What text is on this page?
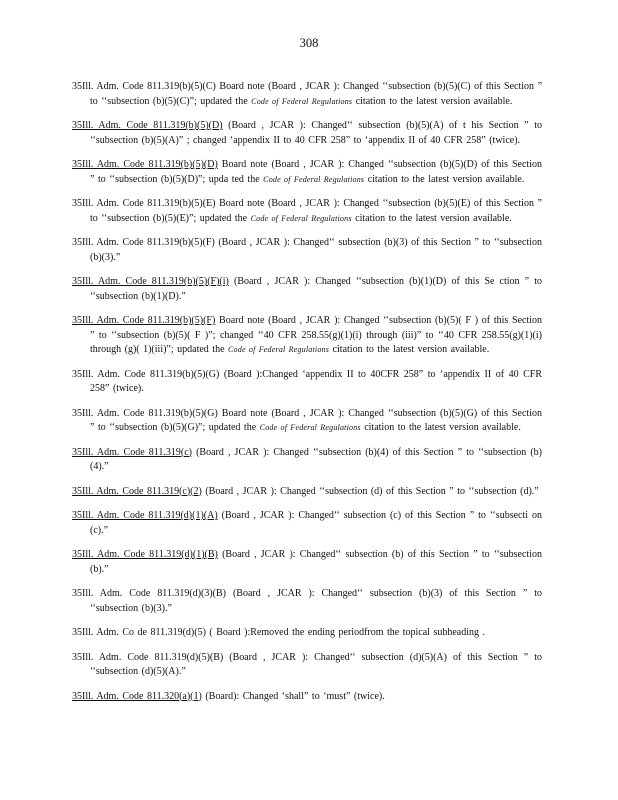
308

35Ill. Adm. Code 811.319(b)(5)(C) Board note (Board , JCAR ): Changed ‘‘subsection (b)(5)(C) of this Section ” to ‘‘subsection (b)(5)(C)”; updated the Code of Federal Regulations citation to the latest version available.

35Ill. Adm. Code 811.319(b)(5)(D) (Board , JCAR ): Changed‘‘ subsection (b)(5)(A) of t his Section ” to ‘‘subsection (b)(5)(A)” ; changed ‘appendix II to 40 CFR 258” to ‘appendix II of 40 CFR 258” (twice).

35Ill. Adm. Code 811.319(b)(5)(D) Board note (Board , JCAR ): Changed ‘‘subsection (b)(5)(D) of this Section ” to ‘‘subsection (b)(5)(D)”; upda ted the Code of Federal Regulations citation to the latest version available.

35Ill. Adm. Code 811.319(b)(5)(E) Board note (Board , JCAR ): Changed ‘‘subsection (b)(5)(E) of this Section ” to ‘‘subsection (b)(5)(E)”; updated the Code of Federal Regulations citation to the latest version available.

35Ill. Adm. Code 811.319(b)(5)(F) (Board , JCAR ): Changed‘‘ subsection (b)(3) of this Section ” to ‘‘subsection (b)(3).”

35Ill. Adm. Code 811.319(b)(5)(F)(i) (Board , JCAR ): Changed ‘‘subsection (b)(1)(D) of this Se ction ” to ‘‘subsection (b)(1)(D).”

35Ill. Adm. Code 811.319(b)(5)(F) Board note (Board , JCAR ): Changed ‘‘subsection (b)(5)( F ) of this Section ” to ‘‘subsection (b)(5)( F )”; changed ‘‘40 CFR 258.55(g)(1)(i) through (iii)” to ‘‘40 CFR 258.55(g)(1)(i) through (g)( 1)(iii)”; updated the Code of Federal Regulations citation to the latest version available.

35Ill. Adm. Code 811.319(b)(5)(G) (Board ):Changed ‘appendix II to 40CFR 258” to ‘appendix II of 40 CFR 258” (twice).

35Ill. Adm. Code 811.319(b)(5)(G) Board note (Board , JCAR ): Changed ‘‘subsection (b)(5)(G) of this Section ” to ‘‘subsection (b)(5)(G)”; updated the Code of Federal Regulations citation to the latest version available.

35Ill. Adm. Code 811.319(c) (Board , JCAR ): Changed ‘‘subsection (b)(4) of this Section ” to ‘‘subsection (b)(4).”

35Ill. Adm. Code 811.319(c)(2) (Board , JCAR ): Changed ‘‘subsection (d) of this Section ” to ‘‘subsection (d).”

35Ill. Adm. Code 811.319(d)(1)(A) (Board , JCAR ): Changed‘‘ subsection (c) of this Section ” to ‘‘subsecti on (c).”

35Ill. Adm. Code 811.319(d)(1)(B) (Board , JCAR ): Changed‘‘ subsection (b) of this Section ” to ‘‘subsection (b).”

35Ill. Adm. Code 811.319(d)(3)(B) (Board , JCAR ): Changed‘‘ subsection (b)(3) of this Section ” to ‘‘subsection (b)(3).”

35Ill. Adm. Co de 811.319(d)(5) ( Board ):Removed the ending periodfrom the topical subheading .

35Ill. Adm. Code 811.319(d)(5)(B) (Board , JCAR ): Changed‘‘ subsection (d)(5)(A) of this Section ” to ‘‘subsection (d)(5)(A).”

35Ill. Adm. Code 811.320(a)(1) (Board): Changed ‘shall” to ‘must” (twice).
